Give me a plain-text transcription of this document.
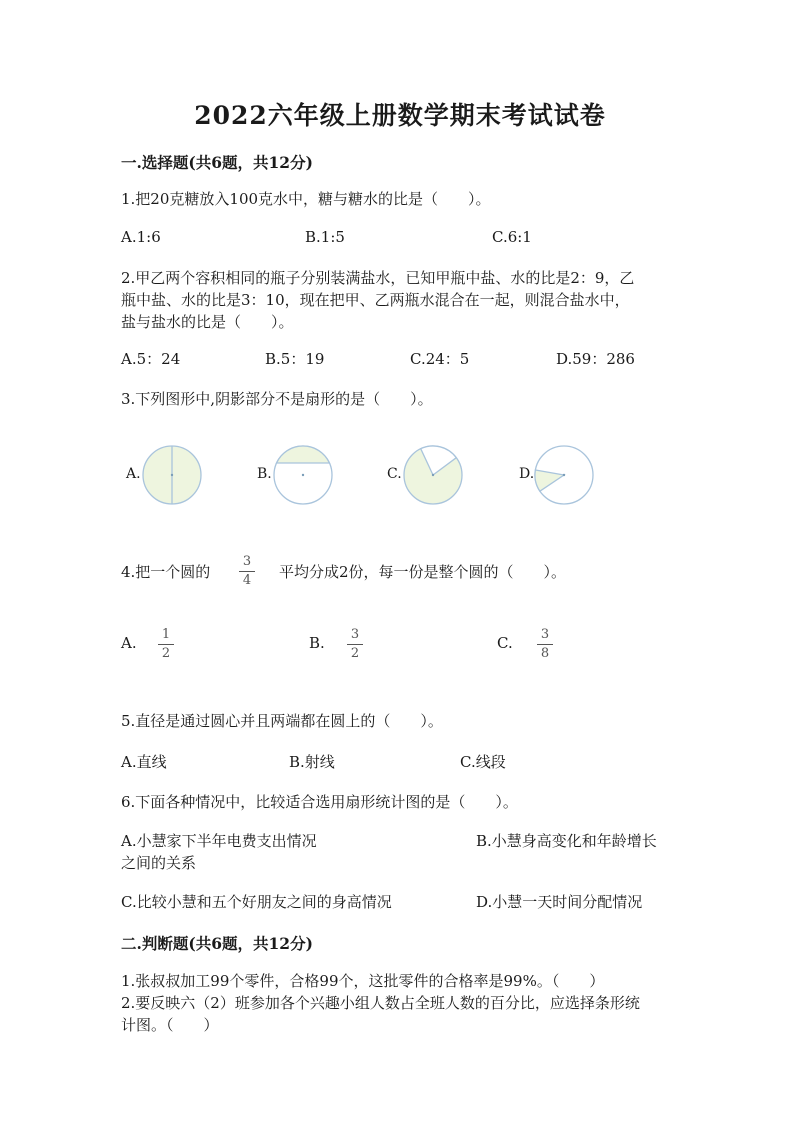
2022六年级上册数学期末考试试卷
一.选择题(共6题，共12分)
1.把20克糖放入100克水中，糖与糖水的比是（　　）。
A.1:6	B.1:5	C.6:1
2.甲乙两个容积相同的瓶子分别装满盐水，已知甲瓶中盐、水的比是2：9，乙
瓶中盐、水的比是3：10，现在把甲、乙两瓶水混合在一起，则混合盐水中，
盐与盐水的比是（　　）。
A.5：24	B.5：19	C.24：5	D.59：286
3.下列图形中,阴影部分不是扇形的是（　　）。
A.	B.	C.	D.
4.把一个圆的
3
4	平均分成2份，每一份是整个圆的（　　）。
A.	1
2
B.	3
2
C.	3
8
5.直径是通过圆心并且两端都在圆上的（　　）。
A.直线	B.射线	C.线段
6.下面各种情况中，比较适合选用扇形统计图的是（　　）。
A.小慧家下半年电费支出情况	B.小慧身高变化和年龄增长
之间的关系
C.比较小慧和五个好朋友之间的身高情况	D.小慧一天时间分配情况
二.判断题(共6题，共12分)
1.张叔叔加工99个零件，合格99个，这批零件的合格率是99%。（　　）
2.要反映六（2）班参加各个兴趣小组人数占全班人数的百分比，应选择条形统
计图。（　　）
